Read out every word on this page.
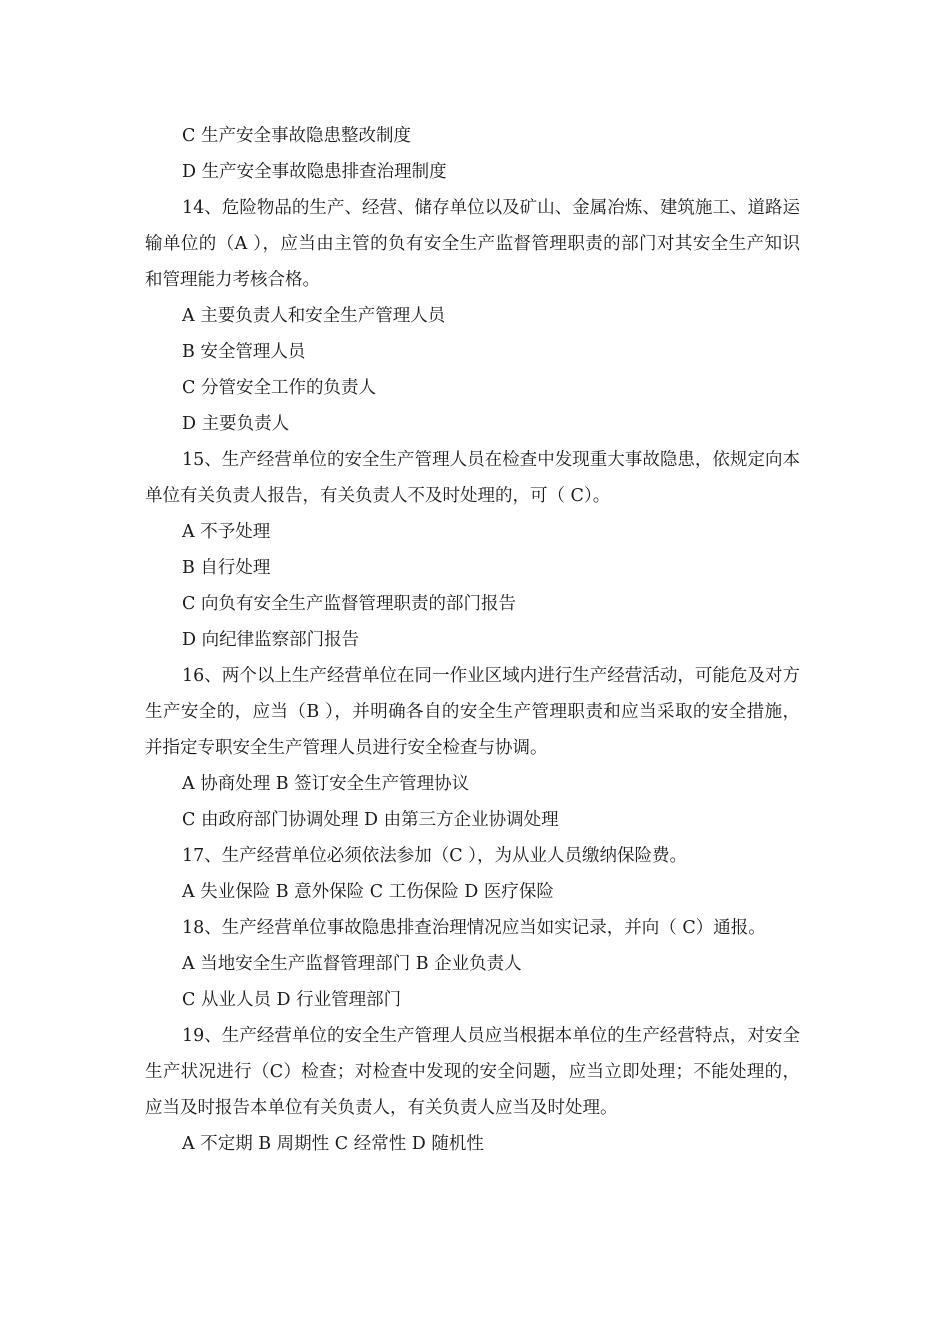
C 生产安全事故隐患整改制度
D 生产安全事故隐患排查治理制度
14、危险物品的生产、经营、储存单位以及矿山、金属冶炼、建筑施工、道路运输单位的（A ），应当由主管的负有安全生产监督管理职责的部门对其安全生产知识和管理能力考核合格。
A 主要负责人和安全生产管理人员
B 安全管理人员
C 分管安全工作的负责人
D 主要负责人
15、生产经营单位的安全生产管理人员在检查中发现重大事故隐患，依规定向本单位有关负责人报告，有关负责人不及时处理的，可（ C）。
A 不予处理
B 自行处理
C 向负有安全生产监督管理职责的部门报告
D 向纪律监察部门报告
16、两个以上生产经营单位在同一作业区域内进行生产经营活动，可能危及对方生产安全的，应当（B ），并明确各自的安全生产管理职责和应当采取的安全措施，并指定专职安全生产管理人员进行安全检查与协调。
A 协商处理 B 签订安全生产管理协议
C 由政府部门协调处理 D 由第三方企业协调处理
17、生产经营单位必须依法参加（C ），为从业人员缴纳保险费。
A 失业保险 B 意外保险 C 工伤保险 D 医疗保险
18、生产经营单位事故隐患排查治理情况应当如实记录，并向（ C）通报。
A 当地安全生产监督管理部门 B 企业负责人
C 从业人员 D 行业管理部门
19、生产经营单位的安全生产管理人员应当根据本单位的生产经营特点，对安全生产状况进行（C）检查；对检查中发现的安全问题，应当立即处理；不能处理的，应当及时报告本单位有关负责人，有关负责人应当及时处理。
A 不定期 B 周期性 C 经常性 D 随机性
